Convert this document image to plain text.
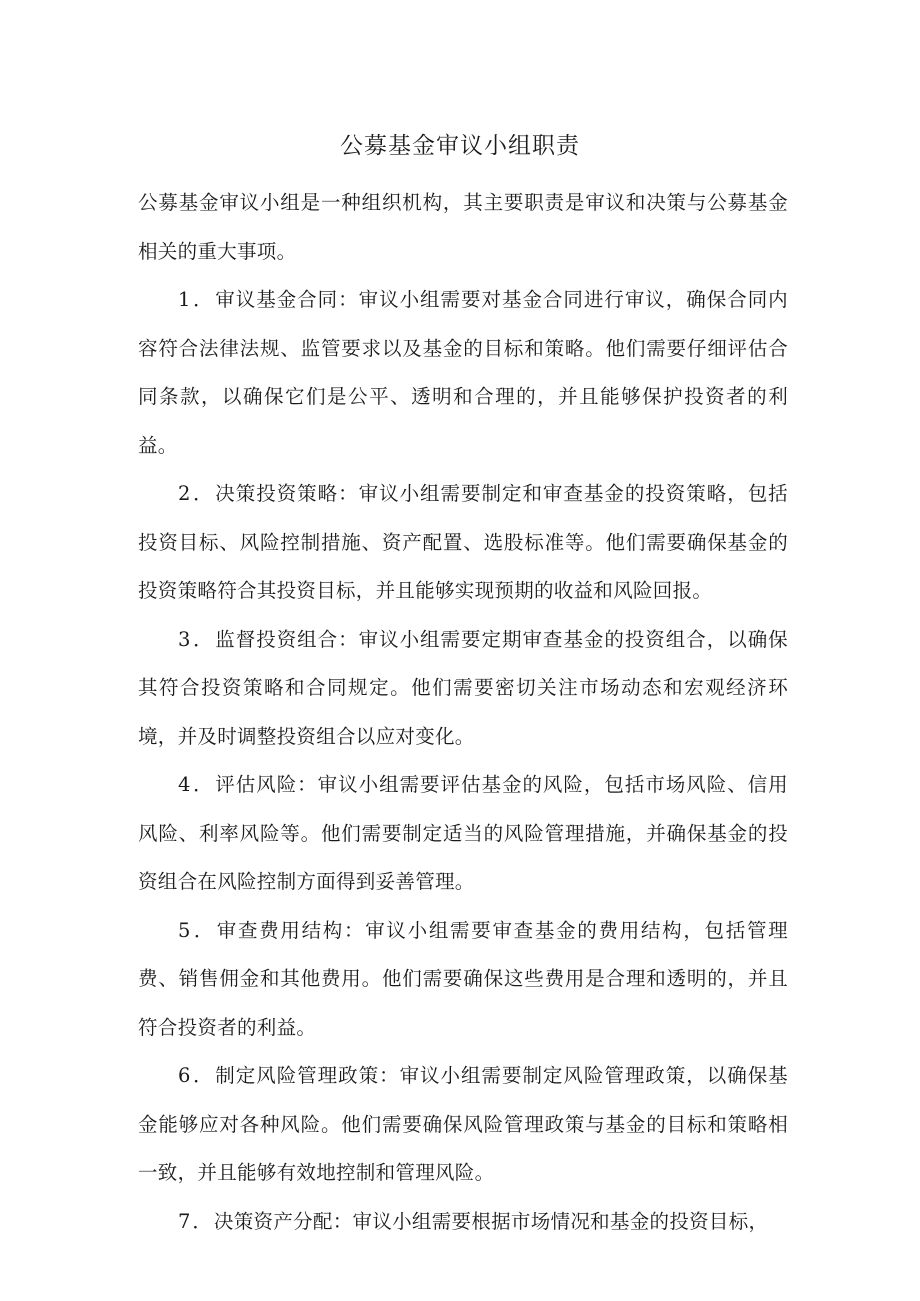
公募基金审议小组职责

公募基金审议小组是一种组织机构，其主要职责是审议和决策与公募基金相关的重大事项。

1．审议基金合同：审议小组需要对基金合同进行审议，确保合同内容符合法律法规、监管要求以及基金的目标和策略。他们需要仔细评估合同条款，以确保它们是公平、透明和合理的，并且能够保护投资者的利益。

2．决策投资策略：审议小组需要制定和审查基金的投资策略，包括投资目标、风险控制措施、资产配置、选股标准等。他们需要确保基金的投资策略符合其投资目标，并且能够实现预期的收益和风险回报。

3．监督投资组合：审议小组需要定期审查基金的投资组合，以确保其符合投资策略和合同规定。他们需要密切关注市场动态和宏观经济环境，并及时调整投资组合以应对变化。

4．评估风险：审议小组需要评估基金的风险，包括市场风险、信用风险、利率风险等。他们需要制定适当的风险管理措施，并确保基金的投资组合在风险控制方面得到妥善管理。

5．审查费用结构：审议小组需要审查基金的费用结构，包括管理费、销售佣金和其他费用。他们需要确保这些费用是合理和透明的，并且符合投资者的利益。

6．制定风险管理政策：审议小组需要制定风险管理政策，以确保基金能够应对各种风险。他们需要确保风险管理政策与基金的目标和策略相一致，并且能够有效地控制和管理风险。

7．决策资产分配：审议小组需要根据市场情况和基金的投资目标，
